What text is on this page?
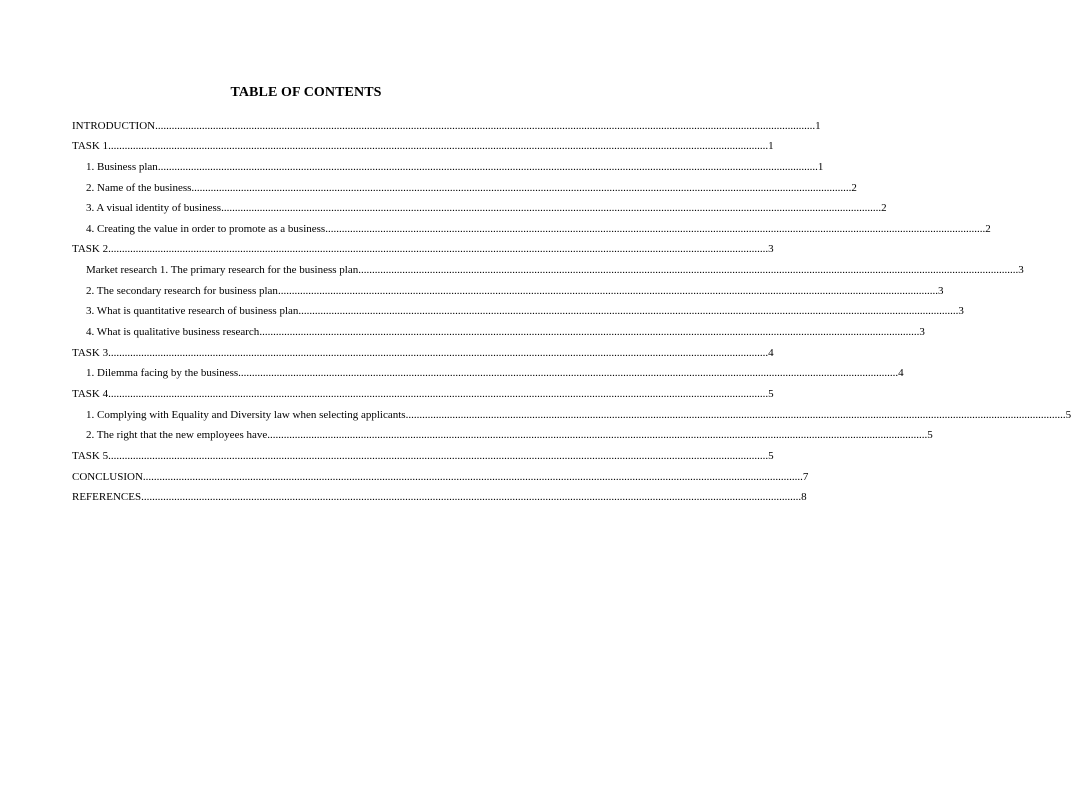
TABLE OF CONTENTS
INTRODUCTION ................................................................................................................................................................................................................................................ 1
TASK 1 ................................................................................................................................................................................................................................................ 1
1. Business plan ................................................................................................................................................................................................................................................ 1
2. Name of the business ................................................................................................................................................................................................................................................ 2
3. A visual identity of business ................................................................................................................................................................................................................................................ 2
4. Creating the value in order to promote as a business ................................................................................................................................................................................................................................................ 2
TASK 2 ................................................................................................................................................................................................................................................ 3
Market research 1. The primary research for the business plan ................................................................................................................................................................................................................................................ 3
2. The secondary research for business plan ................................................................................................................................................................................................................................................ 3
3. What is quantitative research of business plan ................................................................................................................................................................................................................................................ 3
4. What is qualitative business research ................................................................................................................................................................................................................................................ 3
TASK 3 ................................................................................................................................................................................................................................................ 4
1. Dilemma facing by the business ................................................................................................................................................................................................................................................ 4
TASK 4 ................................................................................................................................................................................................................................................ 5
1. Complying with Equality and Diversity law when selecting applicants ................................................................................................................................................................................................................................................ 5
2. The right that the new employees have ................................................................................................................................................................................................................................................ 5
TASK 5 ................................................................................................................................................................................................................................................ 5
CONCLUSION ................................................................................................................................................................................................................................................ 7
REFERENCES ................................................................................................................................................................................................................................................ 8
